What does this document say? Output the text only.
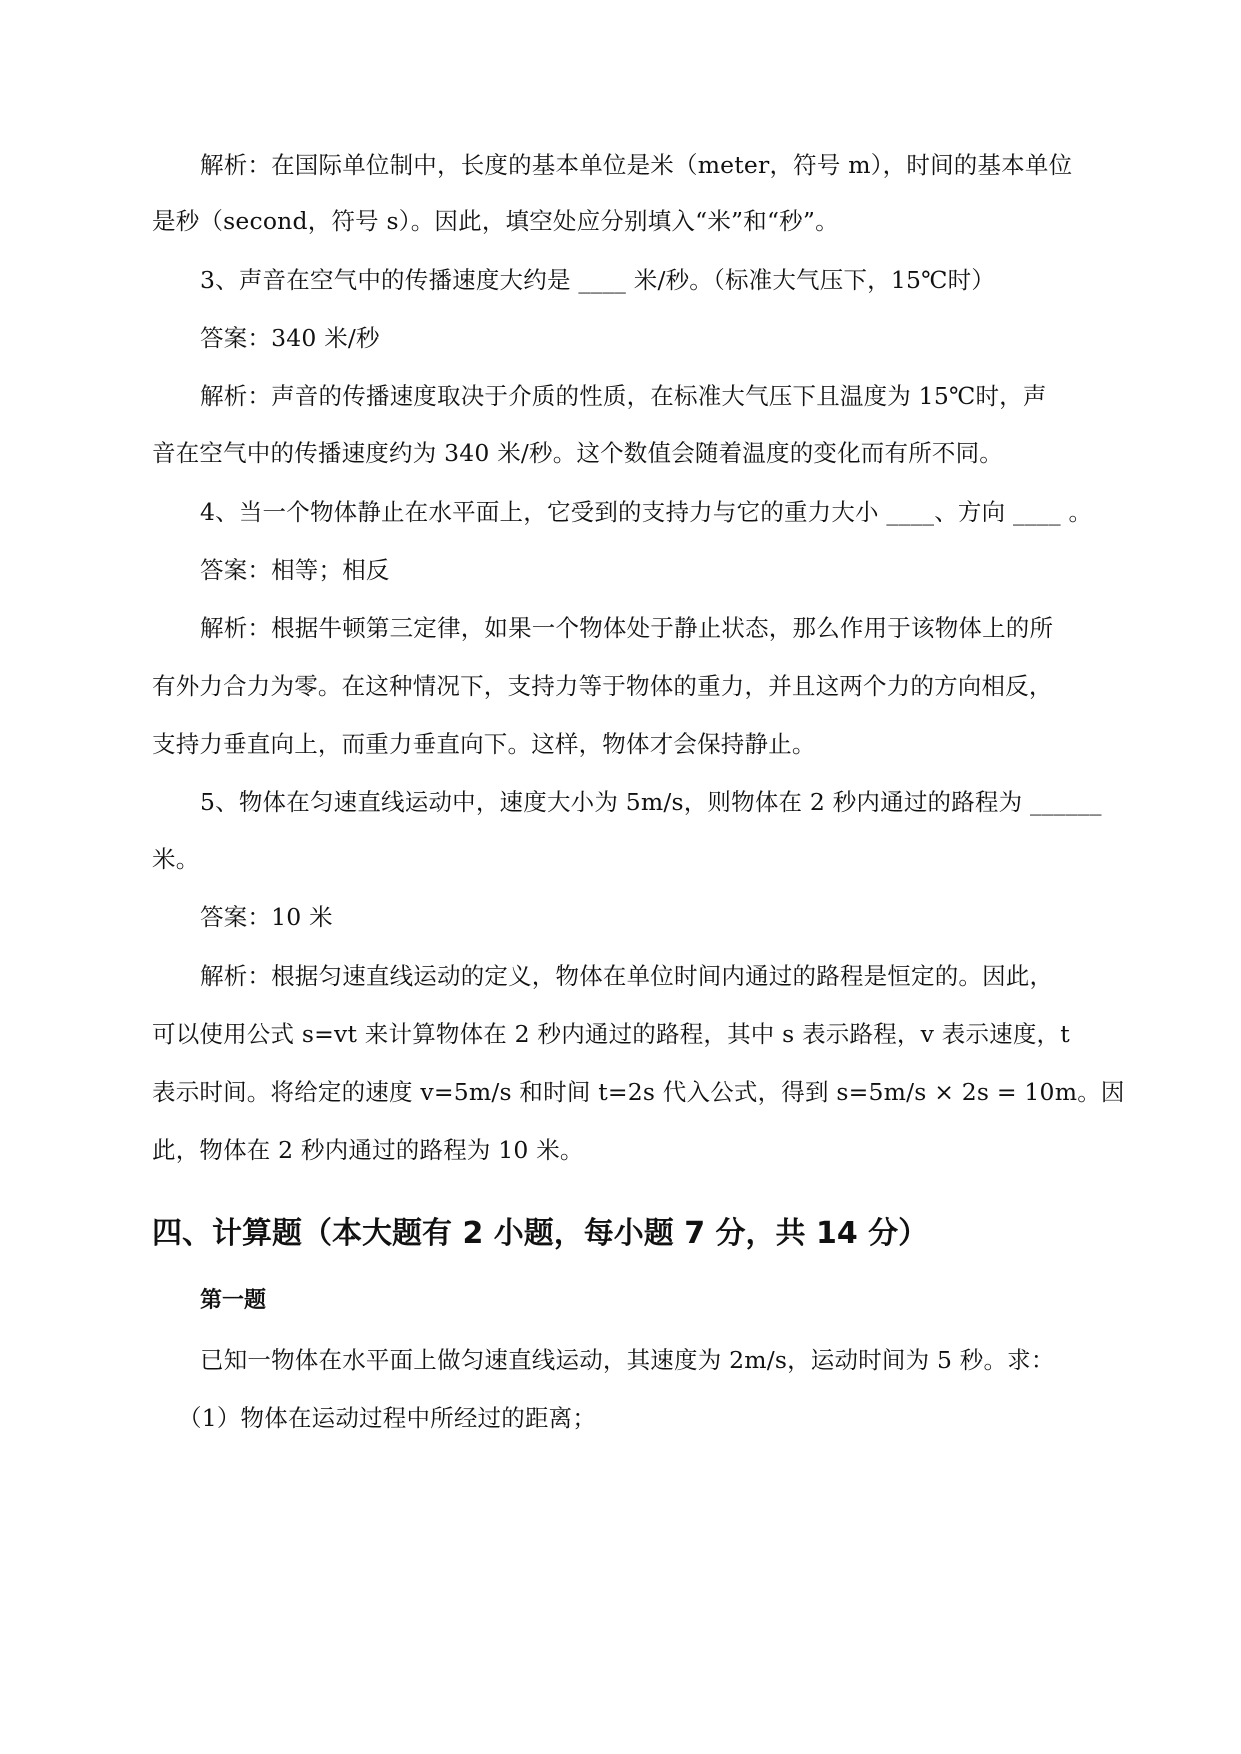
解析：在国际单位制中，长度的基本单位是米（meter，符号 m），时间的基本单位
是秒（second，符号 s）。因此，填空处应分别填入“米”和“秒”。
3、声音在空气中的传播速度大约是 ____ 米/秒。（标准大气压下，15℃时）
答案：340 米/秒
解析：声音的传播速度取决于介质的性质，在标准大气压下且温度为 15℃时，声
音在空气中的传播速度约为 340 米/秒。这个数值会随着温度的变化而有所不同。
4、当一个物体静止在水平面上，它受到的支持力与它的重力大小 ____、方向 ____ 。
答案：相等；相反
解析：根据牛顿第三定律，如果一个物体处于静止状态，那么作用于该物体上的所
有外力合力为零。在这种情况下，支持力等于物体的重力，并且这两个力的方向相反，
支持力垂直向上，而重力垂直向下。这样，物体才会保持静止。
5、物体在匀速直线运动中，速度大小为 5m/s，则物体在 2 秒内通过的路程为 ______
米。
答案：10 米
解析：根据匀速直线运动的定义，物体在单位时间内通过的路程是恒定的。因此，
可以使用公式 s=vt 来计算物体在 2 秒内通过的路程，其中 s 表示路程，v 表示速度，t
表示时间。将给定的速度 v=5m/s 和时间 t=2s 代入公式，得到 s=5m/s × 2s = 10m。因
此，物体在 2 秒内通过的路程为 10 米。
四、计算题（本大题有 2 小题，每小题 7 分，共 14 分）
第一题
已知一物体在水平面上做匀速直线运动，其速度为 2m/s，运动时间为 5 秒。求：
（1）物体在运动过程中所经过的距离；
